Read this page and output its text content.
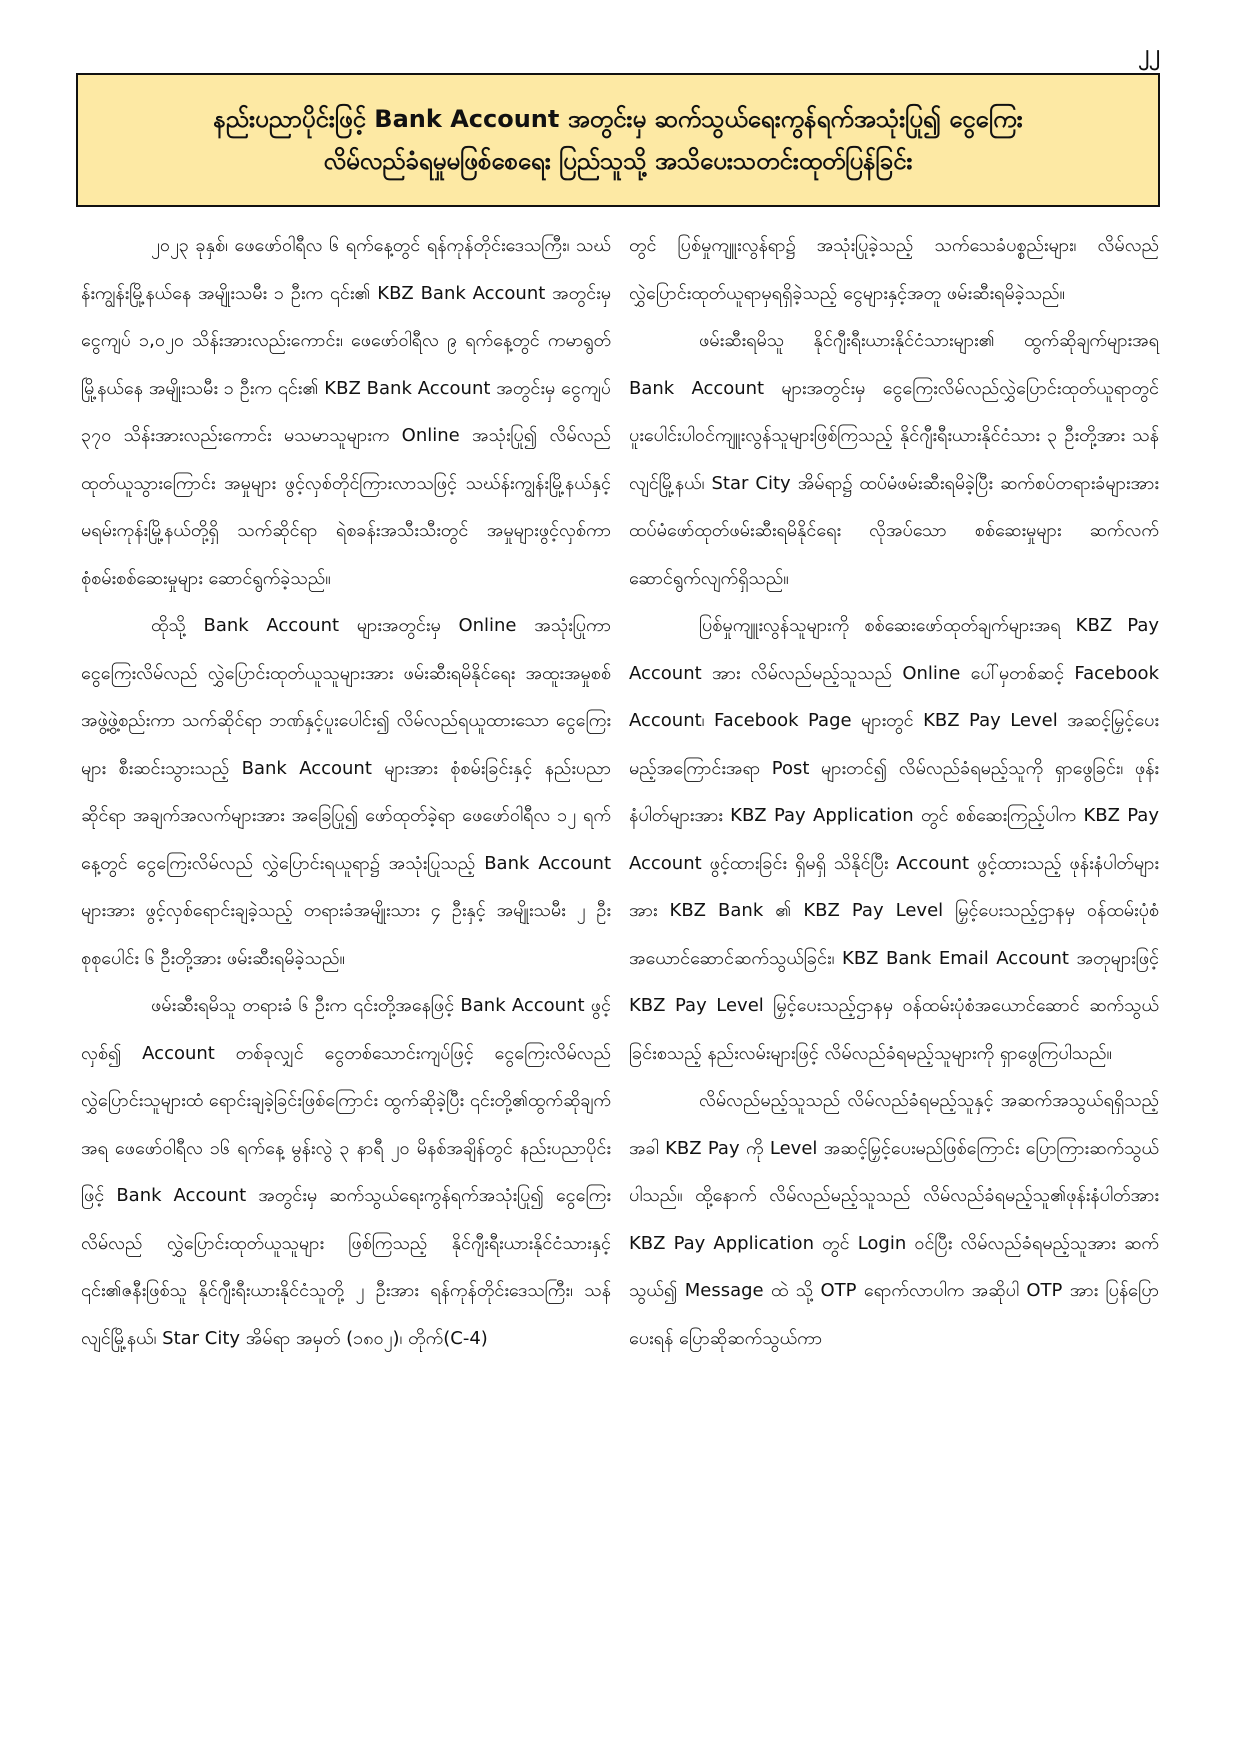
၂၂
နည်းပညာပိုင်းဖြင့် Bank Account အတွင်းမှ ဆက်သွယ်ရေးကွန်ရက်အသုံးပြု၍ ငွေကြေး
လိမ်လည်ခံရမှုမဖြစ်စေရေး ပြည်သူသို့ အသိပေးသတင်းထုတ်ပြန်ခြင်း

၂၀၂၃ ခုနှစ်၊ ဖေဖော်ဝါရီလ ၆ ရက်နေ့တွင် ရန်ကုန်တိုင်းဒေသကြီး၊ သဃ်န်းကျွန်းမြို့နယ်နေ အမျိုးသမီး ၁ ဦးက ၎င်း၏ KBZ Bank Account အတွင်းမှ ငွေကျပ် ၁,၀၂၀ သိန်းအားလည်းကောင်း၊ ဖေဖော်ဝါရီလ ၉ ရက်နေ့တွင် ကမာရွတ်မြို့နယ်နေ အမျိုးသမီး ၁ ဦးက ၎င်း၏ KBZ Bank Account အတွင်းမှ ငွေကျပ် ၃၇၀ သိန်းအားလည်းကောင်း မသမာသူများက Online အသုံးပြု၍ လိမ်လည်ထုတ်ယူသွားကြောင်း အမှုများ ဖွင့်လှစ်တိုင်ကြားလာသဖြင့် သဃ်န်းကျွန်းမြို့နယ်နှင့် မရမ်းကုန်းမြို့နယ်တို့ရှိ သက်ဆိုင်ရာ ရဲစခန်းအသီးသီးတွင် အမှုများဖွင့်လှစ်ကာ စုံစမ်းစစ်ဆေးမှုများ ဆောင်ရွက်ခဲ့သည်။

ထိုသို့ Bank Account များအတွင်းမှ Online အသုံးပြုကာ ငွေကြေးလိမ်လည် လွှဲပြောင်းထုတ်ယူသူများအား ဖမ်းဆီးရမိနိုင်ရေး အထူးအမှုစစ်အဖွဲ့ဖွဲ့စည်းကာ သက်ဆိုင်ရာ ဘဏ်နှင့်ပူးပေါင်း၍ လိမ်လည်ရယူထားသော ငွေကြေးများ စီးဆင်းသွားသည့် Bank Account များအား စုံစမ်းခြင်းနှင့် နည်းပညာဆိုင်ရာ အချက်အလက်များအား အခြေပြု၍ ဖော်ထုတ်ခဲ့ရာ ဖေဖော်ဝါရီလ ၁၂ ရက်နေ့တွင် ငွေကြေးလိမ်လည် လွှဲပြောင်းရယူရာ၌ အသုံးပြုသည့် Bank Account များအား ဖွင့်လှစ်ရောင်းချခဲ့သည့် တရားခံအမျိုးသား ၄ ဦးနှင့် အမျိုးသမီး ၂ ဦး စုစုပေါင်း ၆ ဦးတို့အား ဖမ်းဆီးရမိခဲ့သည်။

ဖမ်းဆီးရမိသူ တရားခံ ၆ ဦးက ၎င်းတို့အနေဖြင့် Bank Account ဖွင့်လှစ်၍ Account တစ်ခုလျှင် ငွေတစ်သောင်းကျပ်ဖြင့် ငွေကြေးလိမ်လည်လွှဲပြောင်းသူများထံ ရောင်းချခဲ့ခြင်းဖြစ်ကြောင်း ထွက်ဆိုခဲ့ပြီး ၎င်းတို့၏ထွက်ဆိုချက်အရ ဖေဖော်ဝါရီလ ၁၆ ရက်နေ့ မွန်းလွဲ ၃ နာရီ ၂၀ မိနစ်အချိန်တွင် နည်းပညာပိုင်းဖြင့် Bank Account အတွင်းမှ ဆက်သွယ်ရေးကွန်ရက်အသုံးပြု၍ ငွေကြေးလိမ်လည် လွှဲပြောင်းထုတ်ယူသူများ ဖြစ်ကြသည့် နိုင်ဂျီးရီးယားနိုင်ငံသားနှင့် ၎င်း၏ဇနီးဖြစ်သူ နိုင်ဂျီးရီးယားနိုင်ငံသူတို့ ၂ ဦးအား ရန်ကုန်တိုင်းဒေသကြီး၊ သန်လျင်မြို့နယ်၊ Star City အိမ်ရာ အမှတ် (၁၈၀၂)၊ တိုက်(C-4)

တွင် ပြစ်မှုကျူးလွန်ရာ၌ အသုံးပြုခဲ့သည့် သက်သေခံပစ္စည်းများ၊ လိမ်လည်လွှဲပြောင်းထုတ်ယူရာမှရရှိခဲ့သည့် ငွေများနှင့်အတူ ဖမ်းဆီးရမိခဲ့သည်။

ဖမ်းဆီးရမိသူ နိုင်ဂျီးရီးယားနိုင်ငံသားများ၏ ထွက်ဆိုချက်များအရ Bank Account များအတွင်းမှ ငွေကြေးလိမ်လည်လွှဲပြောင်းထုတ်ယူရာတွင် ပူးပေါင်းပါဝင်ကျူးလွန်သူများဖြစ်ကြသည့် နိုင်ဂျီးရီးယားနိုင်ငံသား ၃ ဦးတို့အား သန်လျင်မြို့နယ်၊ Star City အိမ်ရာ၌ ထပ်မံဖမ်းဆီးရမိခဲ့ပြီး ဆက်စပ်တရားခံများအား ထပ်မံဖော်ထုတ်ဖမ်းဆီးရမိနိုင်ရေး လိုအပ်သော စစ်ဆေးမှုများ ဆက်လက်ဆောင်ရွက်လျက်ရှိသည်။

ပြစ်မှုကျူးလွန်သူများကို စစ်ဆေးဖော်ထုတ်ချက်များအရ KBZ Pay Account အား လိမ်လည်မည့်သူသည် Online ပေါ်မှတစ်ဆင့် Facebook Account၊ Facebook Page များတွင် KBZ Pay Level အဆင့်မြှင့်ပေးမည့်အကြောင်းအရာ Post များတင်၍ လိမ်လည်ခံရမည့်သူကို ရှာဖွေခြင်း၊ ဖုန်းနံပါတ်များအား KBZ Pay Application တွင် စစ်ဆေးကြည့်ပါက KBZ Pay Account ဖွင့်ထားခြင်း ရှိမရှိ သိနိုင်ပြီး Account ဖွင့်ထားသည့် ဖုန်းနံပါတ်များအား KBZ Bank ၏ KBZ Pay Level မြှင့်ပေးသည့်ဌာနမှ ဝန်ထမ်းပုံစံ အယောင်ဆောင်ဆက်သွယ်ခြင်း၊ KBZ Bank Email Account အတုများဖြင့် KBZ Pay Level မြှင့်ပေးသည့်ဌာနမှ ဝန်ထမ်းပုံစံအယောင်ဆောင် ဆက်သွယ်ခြင်းစသည့် နည်းလမ်းများဖြင့် လိမ်လည်ခံရမည့်သူများကို ရှာဖွေကြပါသည်။

လိမ်လည်မည့်သူသည် လိမ်လည်ခံရမည့်သူနှင့် အဆက်အသွယ်ရရှိသည့်အခါ KBZ Pay ကို Level အဆင့်မြှင့်ပေးမည်ဖြစ်ကြောင်း ပြောကြားဆက်သွယ်ပါသည်။ ထို့နောက် လိမ်လည်မည့်သူသည် လိမ်လည်ခံရမည့်သူ၏ဖုန်းနံပါတ်အား KBZ Pay Application တွင် Login ဝင်ပြီး လိမ်လည်ခံရမည့်သူအား ဆက်သွယ်၍ Message ထဲ သို့ OTP ရောက်လာပါက အဆိုပါ OTP အား ပြန်ပြောပေးရန် ပြောဆိုဆက်သွယ်ကာ
